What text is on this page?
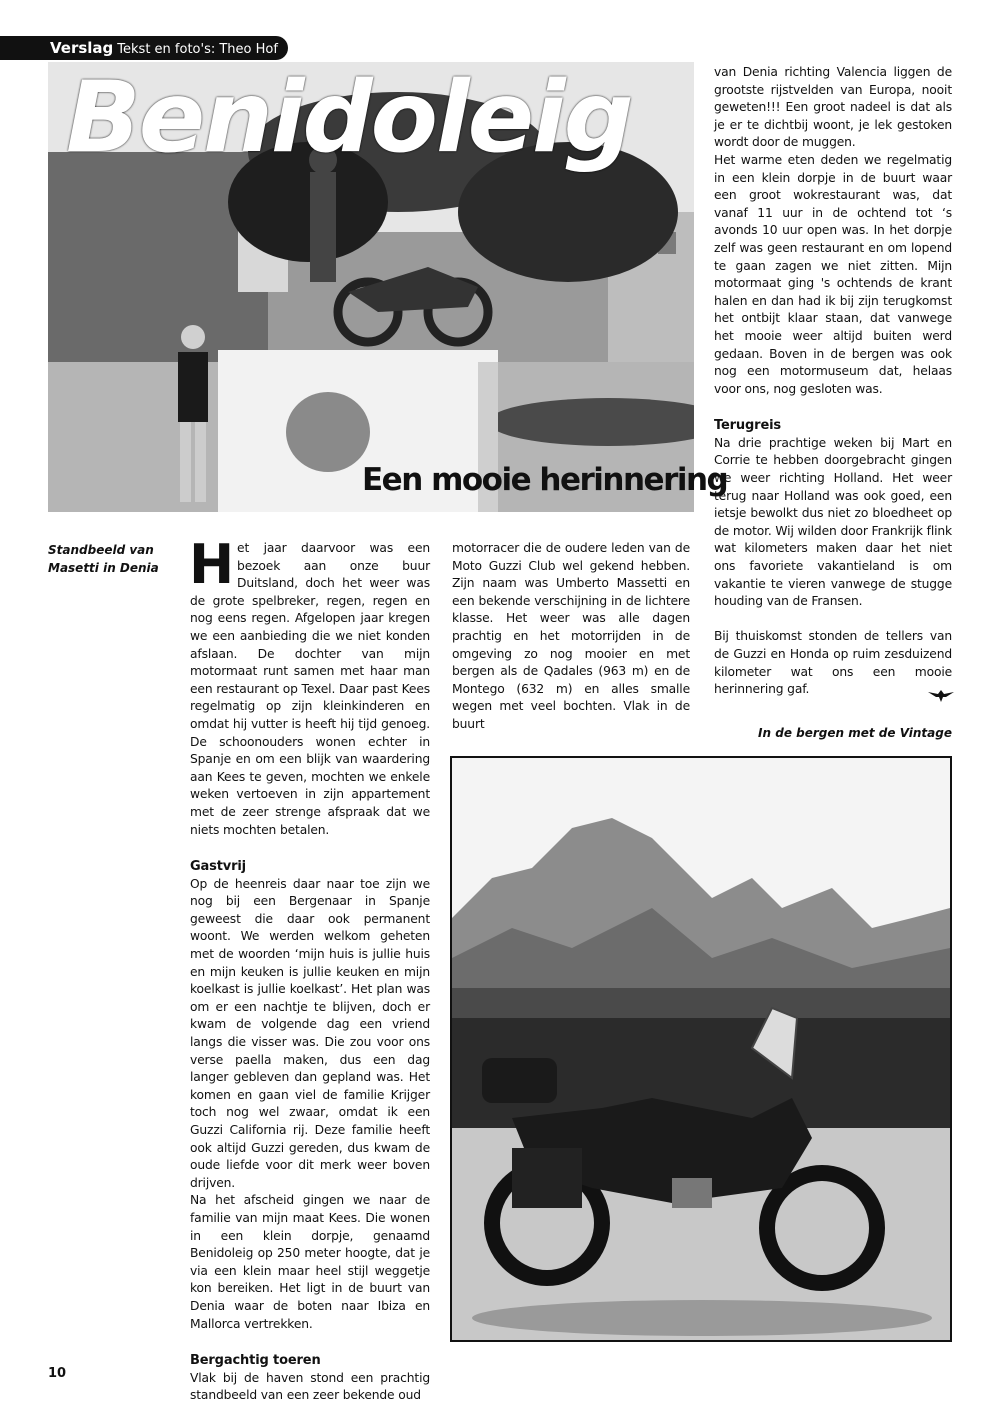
Verslag Tekst en foto's: Theo Hof
Benidoleig
Een mooie herinnering
Standbeeld van Masetti in Denia Het jaar daarvoor was een bezoek aan onze buur Duitsland, doch het weer was de grote spelbreker, regen, regen en nog eens regen. Afgelopen jaar kregen we een aanbieding die we niet konden afslaan. De dochter van mijn motormaat runt samen met haar man een restaurant op Texel. Daar past Kees regelmatig op zijn kleinkinderen en omdat hij vutter is heeft hij tijd genoeg. De schoonouders wonen echter in Spanje en om een blijk van waardering aan Kees te geven, mochten we enkele weken vertoeven in zijn appartement met de zeer strenge afspraak dat we niets mochten betalen.

Gastvrij

Op de heenreis daar naar toe zijn we nog bij een Bergenaar in Spanje geweest die daar ook permanent woont. We werden welkom geheten met de woorden ‘mijn huis is jullie huis en mijn keuken is jullie keuken en mijn koelkast is jullie koelkast’. Het plan was om er een nachtje te blijven, doch er kwam de volgende dag een vriend langs die visser was. Die zou voor ons verse paella maken, dus een dag langer gebleven dan gepland was. Het komen en gaan viel de familie Krijger toch nog wel zwaar, omdat ik een Guzzi California rij. Deze familie heeft ook altijd Guzzi gereden, dus kwam de oude liefde voor dit merk weer boven drijven.

Na het afscheid gingen we naar de familie van mijn maat Kees. Die wonen in een klein dorpje, genaamd Benidoleig op 250 meter hoogte, dat je via een klein maar heel stijl weggetje kon bereiken. Het ligt in de buurt van Denia waar de boten naar Ibiza en Mallorca vertrekken.

Bergachtig toeren

Vlak bij de haven stond een prachtig standbeeld van een zeer bekende oud

motorracer die de oudere leden van de Moto Guzzi Club wel gekend hebben. Zijn naam was Umberto Massetti en een bekende verschijning in de lichtere klasse. Het weer was alle dagen prachtig en het motorrijden in de omgeving zo nog mooier en met bergen als de Qadales (963 m) en de Montego (632 m) en alles smalle wegen met veel bochten. Vlak in de buurt

van Denia richting Valencia liggen de grootste rijstvelden van Europa, nooit geweten!!! Een groot nadeel is dat als je er te dichtbij woont, je lek gestoken wordt door de muggen.

Het warme eten deden we regelmatig in een klein dorpje in de buurt waar een groot wokrestaurant was, dat vanaf 11 uur in de ochtend tot ‘s avonds 10 uur open was. In het dorpje zelf was geen restaurant en om lopend te gaan zagen we niet zitten. Mijn motormaat ging 's ochtends de krant halen en dan had ik bij zijn terugkomst het ontbijt klaar staan, dat vanwege het mooie weer altijd buiten werd gedaan. Boven in de bergen was ook nog een motormuseum dat, helaas voor ons, nog gesloten was.

Terugreis

Na drie prachtige weken bij Mart en Corrie te hebben doorgebracht gingen we weer richting Holland. Het weer terug naar Holland was ook goed, een ietsje bewolkt dus niet zo bloedheet op de motor. Wij wilden door Frankrijk flink wat kilometers maken daar het niet ons favoriete vakantieland is om vakantie te vieren vanwege de stugge houding van de Fransen.

Bij thuiskomst stonden de tellers van de Guzzi en Honda op ruim zesduizend kilometer wat ons een mooie herinnering gaf.

In de bergen met de Vintage
10
